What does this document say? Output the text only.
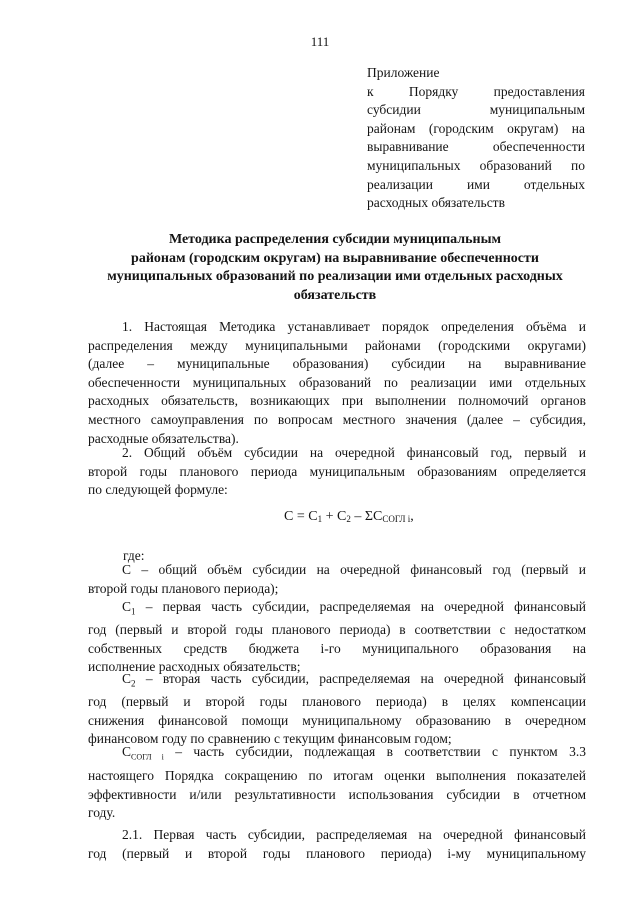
111
Приложение
к Порядку предоставления
субсидии муниципальным
районам (городским округам) на
выравнивание обеспеченности
муниципальных образований по
реализации ими отдельных
расходных обязательств
Методика распределения субсидии муниципальным
районам (городским округам) на выравнивание обеспеченности
муниципальных образований по реализации ими отдельных расходных
обязательств
1. Настоящая Методика устанавливает порядок определения объёма и
распределения между муниципальными районами (городскими округами)
(далее – муниципальные образования) субсидии на выравнивание
обеспеченности муниципальных образований по реализации ими отдельных
расходных обязательств, возникающих при выполнении полномочий органов
местного самоуправления по вопросам местного значения (далее – субсидия,
расходные обязательства).
2. Общий объём субсидии на очередной финансовый год, первый и
второй годы планового периода муниципальным образованиям определяется
по следующей формуле:
$С = С_1 + С_2 - \Sigma С_{СОГЛ i}$,
где:
С – общий объём субсидии на очередной финансовый год (первый и
второй годы планового периода);
$С_1$ – первая часть субсидии, распределяемая на очередной финансовый
год (первый и второй годы планового периода) в соответствии с недостатком
собственных средств бюджета i-го муниципального образования на
исполнение расходных обязательств;
$С_2$ – вторая часть субсидии, распределяемая на очередной финансовый
год (первый и второй годы планового периода) в целях компенсации
снижения финансовой помощи муниципальному образованию в очередном
финансовом году по сравнению с текущим финансовым годом;
$С_{СОГЛ i}$ – часть субсидии, подлежащая в соответствии с пунктом 3.3
настоящего Порядка сокращению по итогам оценки выполнения показателей
эффективности и/или результативности использования субсидии в отчетном
году.
2.1. Первая часть субсидии, распределяемая на очередной финансовый
год (первый и второй годы планового периода) i-му муниципальному
